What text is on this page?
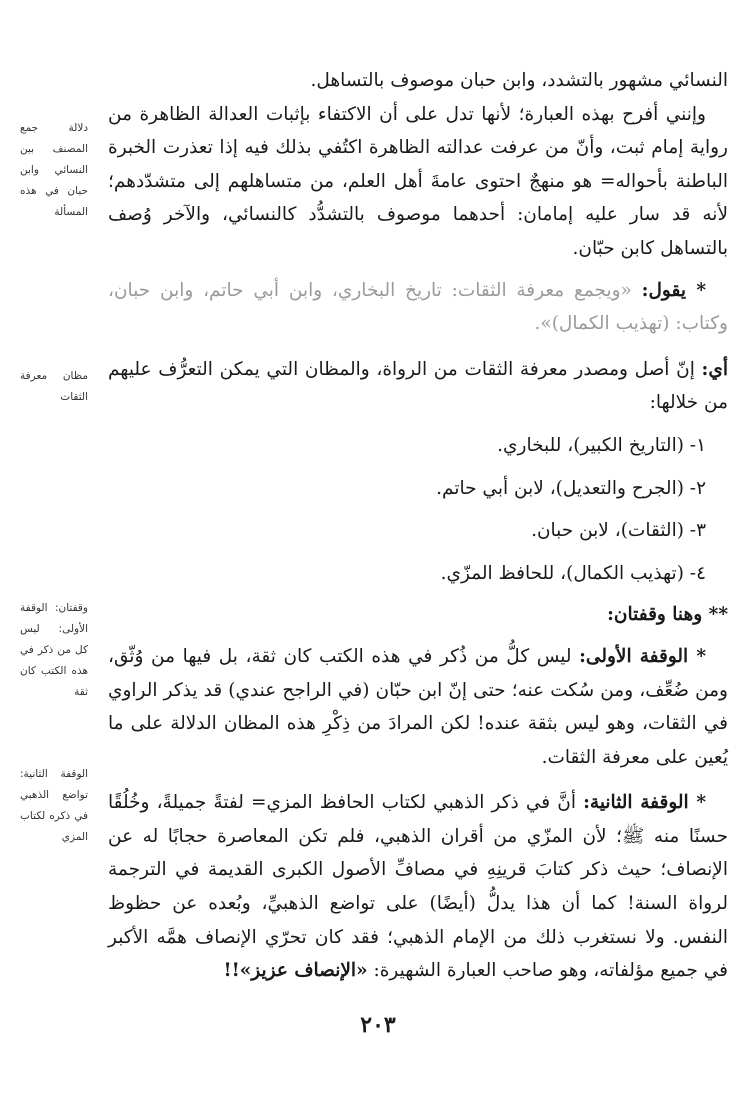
النسائي مشهور بالتشدد، وابن حبان موصوف بالتساهل.

وإنني أفرح بهذه العبارة؛ لأنها تدل على أن الاكتفاء بإثبات العدالة الظاهرة من رواية إمام ثبت، وأنّ من عرفت عدالته الظاهرة اكتُفي بذلك فيه إذا تعذرت الخبرة الباطنة بأحواله= هو منهجٌ احتوى عامةَ أهل العلم، من متساهلهم إلى متشدّدهم؛ لأنه قد سار عليه إمامان: أحدهما موصوف بالتشدُّد كالنسائي، والآخر وُصف بالتساهل كابن حبّان.

* يقول: «ويجمع معرفة الثقات: تاريخ البخاري، وابن أبي حاتم، وابن حبان، وكتاب: (تهذيب الكمال)».

أي: إنّ أصل ومصدر معرفة الثقات من الرواة، والمظان التي يمكن التعرُّف عليهم من خلالها:

١- (التاريخ الكبير)، للبخاري.
٢- (الجرح والتعديل)، لابن أبي حاتم.
٣- (الثقات)، لابن حبان.
٤- (تهذيب الكمال)، للحافظ المزّي.

** وهنا وقفتان:

* الوقفة الأولى: ليس كلُّ من ذُكر في هذه الكتب كان ثقة، بل فيها من وُثّق، ومن ضُعِّف، ومن سُكت عنه؛ حتى إنّ ابن حبّان (في الراجح عندي) قد يذكر الراوي في الثقات، وهو ليس بثقة عنده! لكن المرادَ من ذِكْرِ هذه المظان الدلالة على ما يُعين على معرفة الثقات.

* الوقفة الثانية: أنَّ في ذكر الذهبي لكتاب الحافظ المزي= لفتةً جميلةً، وخُلُقًا حسنًا منه ﷺ؛ لأن المزّي من أقران الذهبي، فلم تكن المعاصرة حجابًا له عن الإنصاف؛ حيث ذكر كتابَ قرينِهِ في مصافِّ الأصول الكبرى القديمة في الترجمة لرواة السنة! كما أن هذا يدلُّ (أيضًا) على تواضع الذهبيِّ، وبُعده عن حظوظ النفس. ولا نستغرب ذلك من الإمام الذهبي؛ فقد كان تحرّي الإنصاف همَّه الأكبر في جميع مؤلفاته، وهو صاحب العبارة الشهيرة: «الإنصاف عزيز»!!

دلالة جمع المصنف بين النسائي وابن حبان في هذه المسألة
مظان معرفة الثقات
وقفتان: الوقفة الأولى: ليس كل من ذكر في هذه الكتب كان ثقة
الوقفة الثانية: تواضع الذهبي في ذكره لكتاب المزي
٢٠٣
